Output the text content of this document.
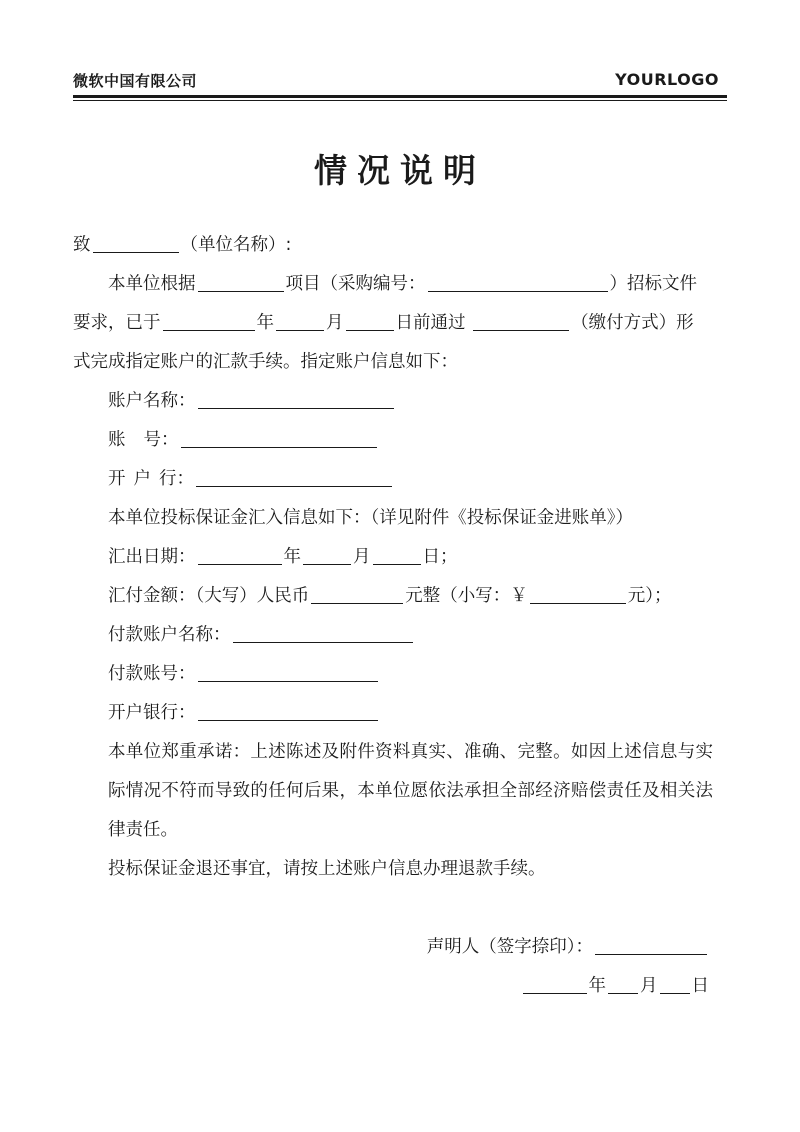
微软中国有限公司	YOURLOGO
情况说明

致	（单位名称）:

本单位根据	项目（采购编号：	）招标文件

要求，已于	年	月	日前通过	（缴付方式）形

式完成指定账户的汇款手续。指定账户信息如下：

账户名称：

账号：

开户行：

本单位投标保证金汇入信息如下：（详见附件《投标保证金进账单》）

汇出日期：	年	月	日；

汇付金额：（大写）人民币	元整（小写：￥	元）；

付款账户名称：

付款账号：

开户银行：

本单位郑重承诺：上述陈述及附件资料真实、准确、完整。如因上述信息与实际情况不符而导致的任何后果，本单位愿依法承担全部经济赔偿责任及相关法律责任。

投标保证金退还事宜，请按上述账户信息办理退款手续。

声明人（签字捺印）：

年 月 日
